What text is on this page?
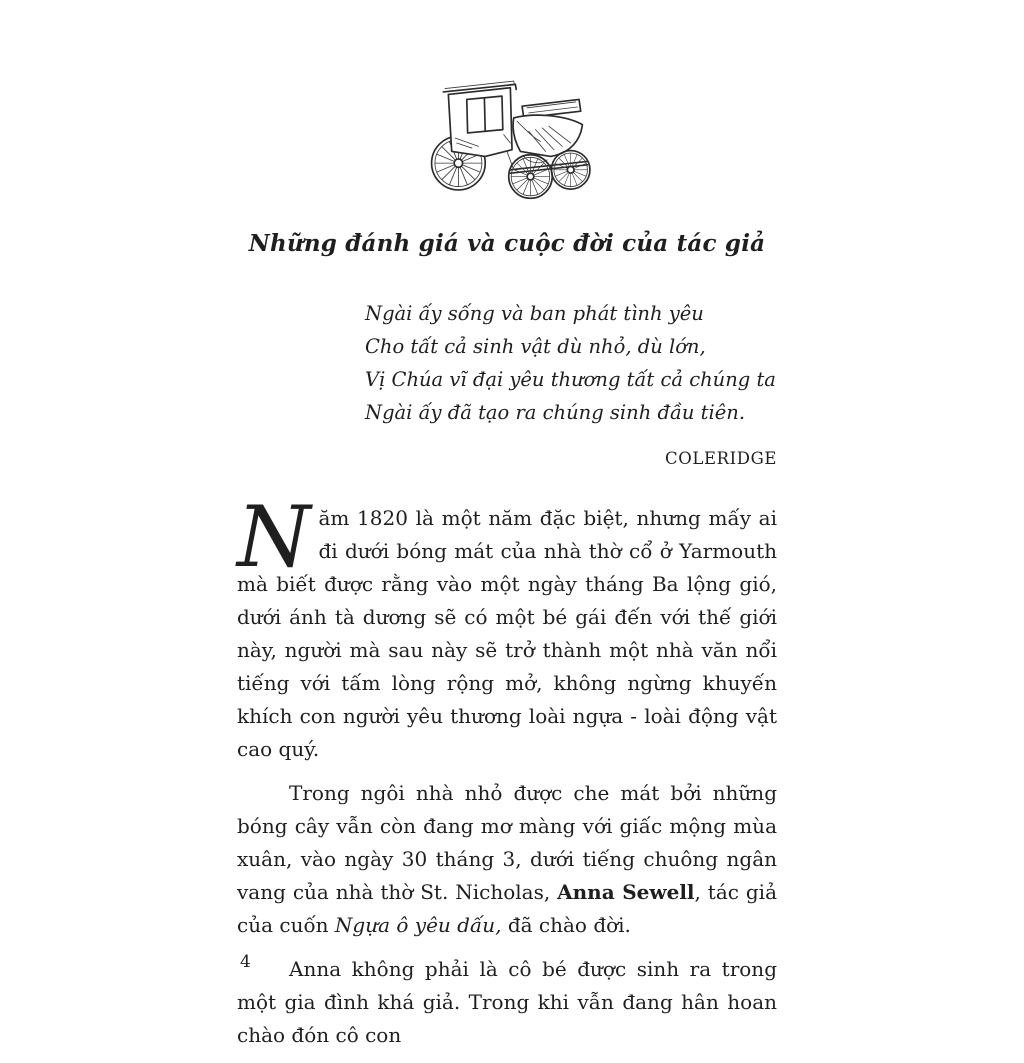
Những đánh giá và cuộc đời của tác giả
Ngài ấy sống và ban phát tình yêu
Cho tất cả sinh vật dù nhỏ, dù lớn,
Vị Chúa vĩ đại yêu thương tất cả chúng ta
Ngài ấy đã tạo ra chúng sinh đầu tiên.
COLERIDGE

Năm 1820 là một năm đặc biệt, nhưng mấy ai đi dưới bóng mát của nhà thờ cổ ở Yarmouth mà biết được rằng vào một ngày tháng Ba lộng gió, dưới ánh tà dương sẽ có một bé gái đến với thế giới này, người mà sau này sẽ trở thành một nhà văn nổi tiếng với tấm lòng rộng mở, không ngừng khuyến khích con người yêu thương loài ngựa - loài động vật cao quý.

Trong ngôi nhà nhỏ được che mát bởi những bóng cây vẫn còn đang mơ màng với giấc mộng mùa xuân, vào ngày 30 tháng 3, dưới tiếng chuông ngân vang của nhà thờ St. Nicholas, Anna Sewell, tác giả của cuốn Ngựa ô yêu dấu, đã chào đời.

Anna không phải là cô bé được sinh ra trong một gia đình khá giả. Trong khi vẫn đang hân hoan chào đón cô con

4
